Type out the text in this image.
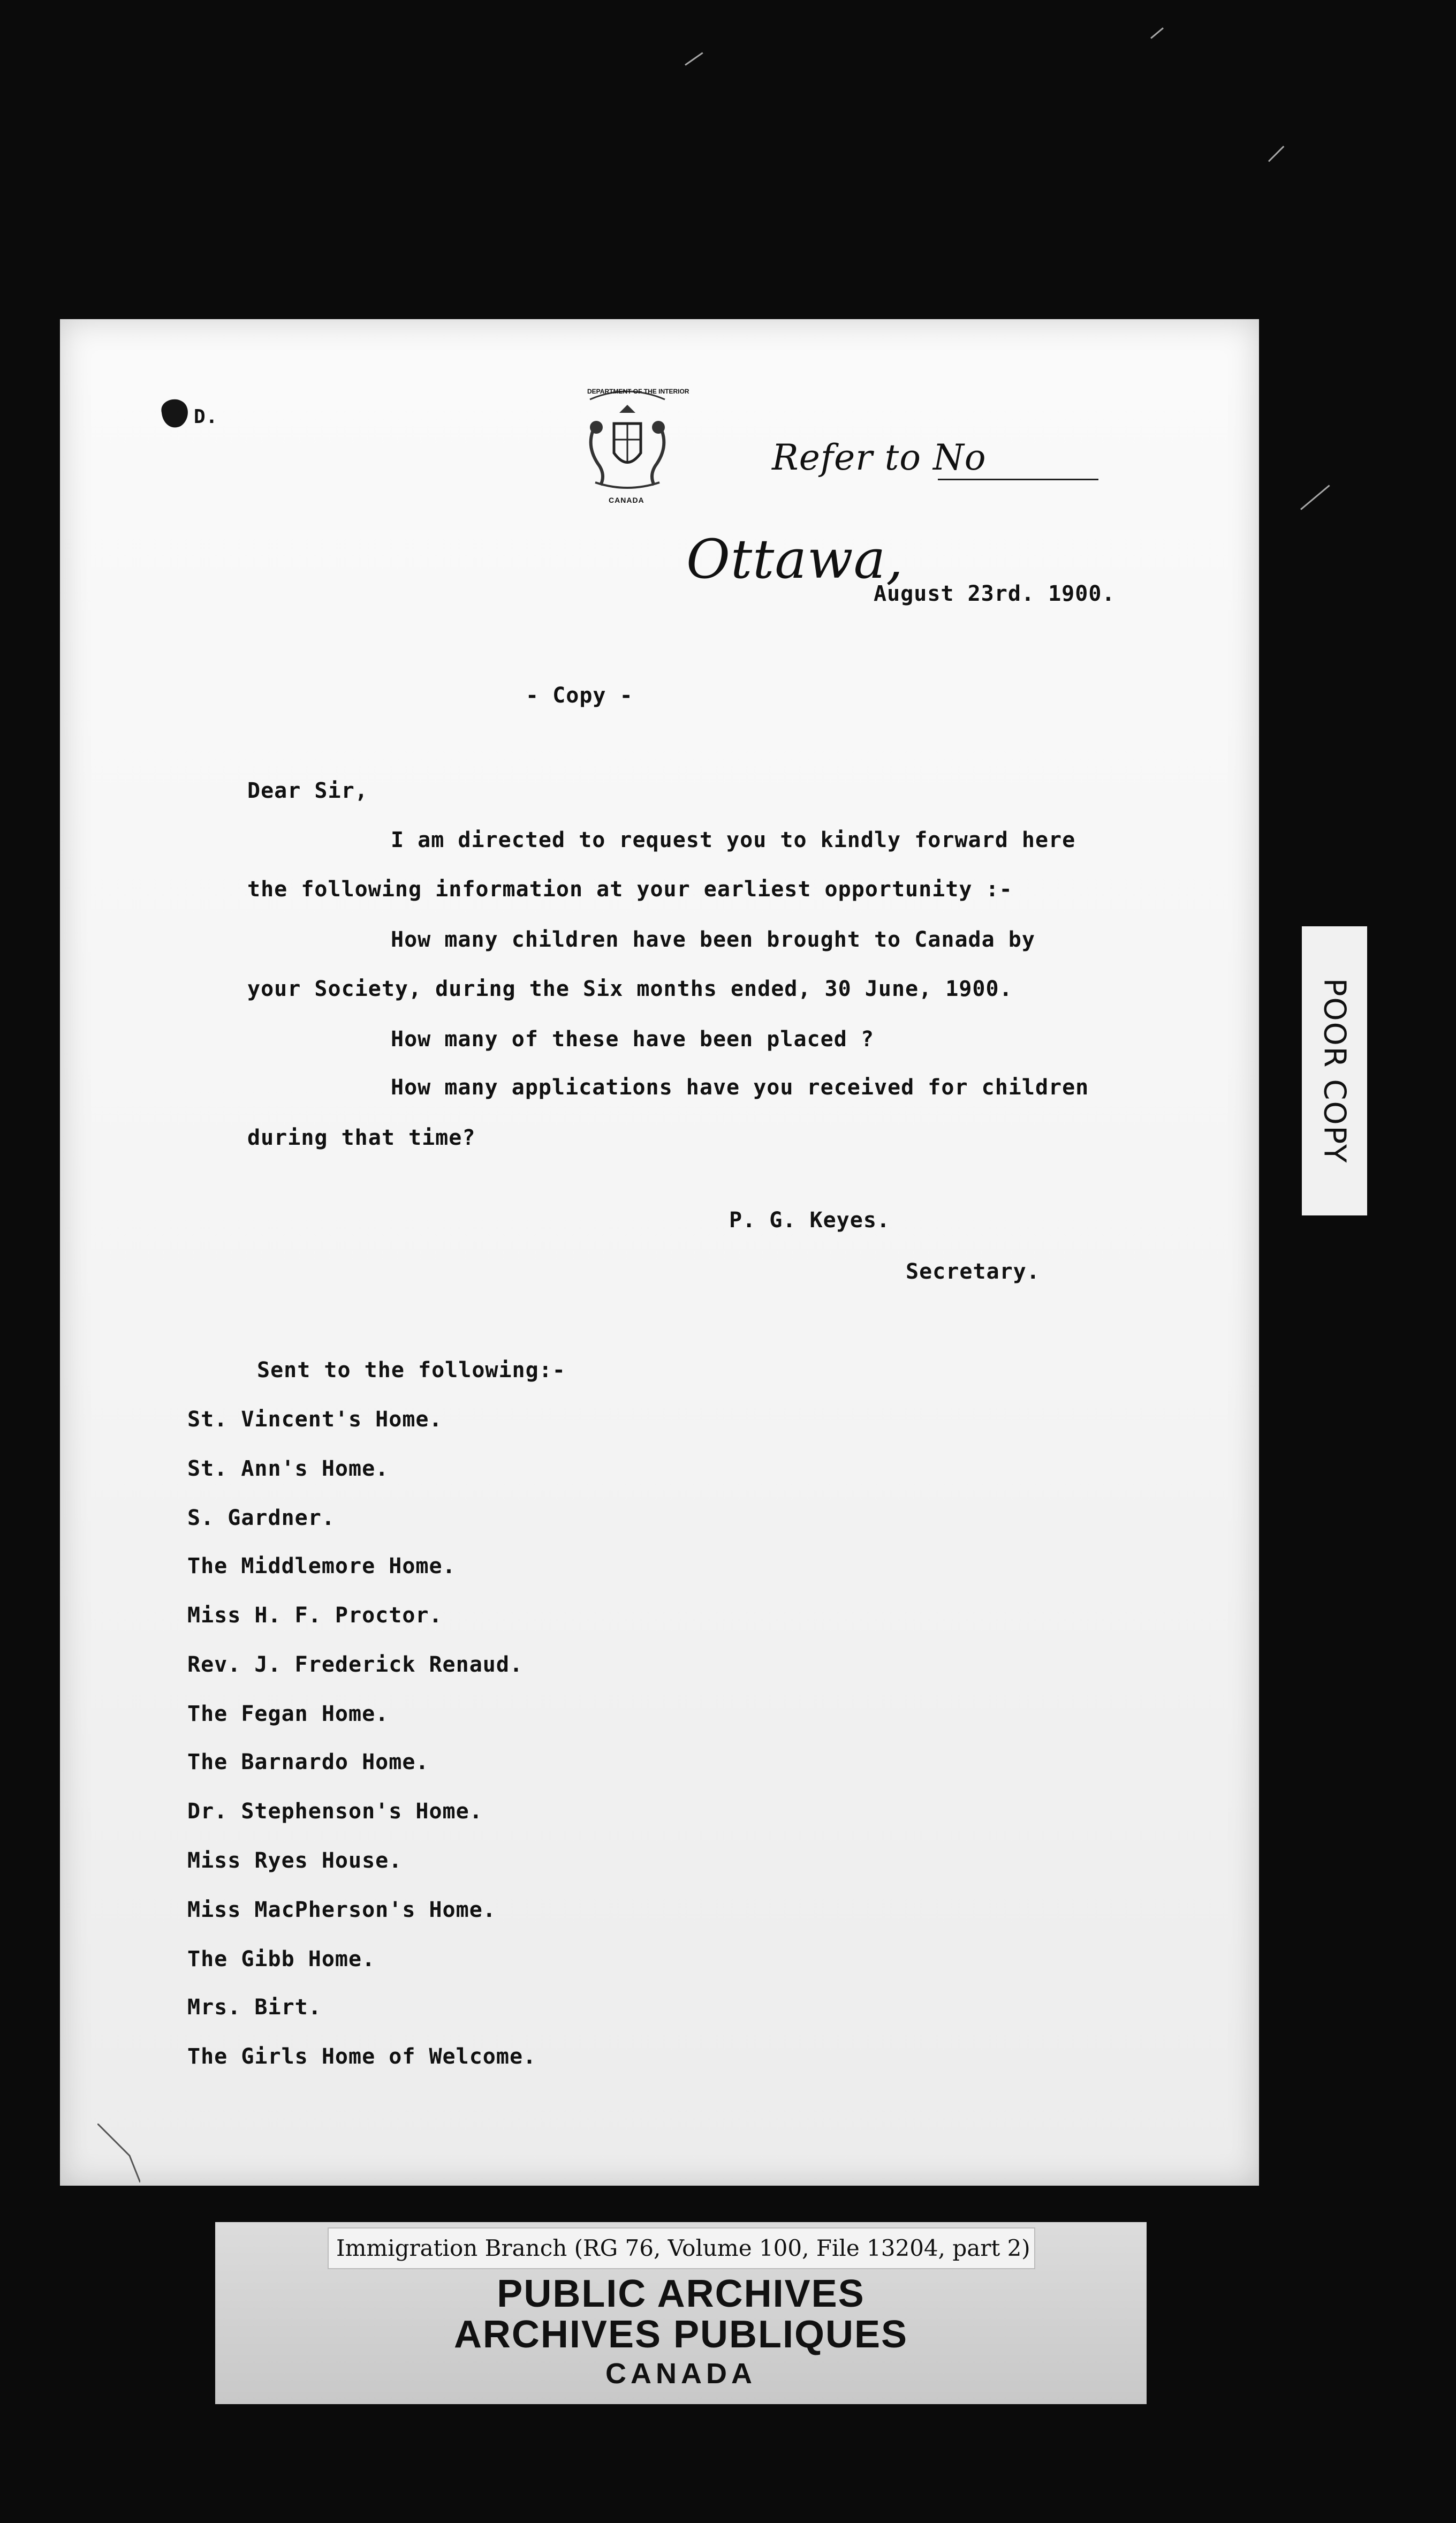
D.
DEPARTMENT OF THE INTERIOR
CANADA
Refer to No
Ottawa,
August 23rd. 1900.
- Copy -
Dear Sir,
I am directed to request you to kindly forward here
the following information at your earliest opportunity :-
How many children have been brought to Canada by
your Society, during the Six months ended, 30 June, 1900.
How many of these have been placed ?
How many applications have you received for children
during that time?
P. G. Keyes.
Secretary.
Sent to the following:-
St. Vincent's Home.
St. Ann's Home.
S. Gardner.
The Middlemore Home.
Miss H. F. Proctor.
Rev. J. Frederick Renaud.
The Fegan Home.
The Barnardo Home.
Dr. Stephenson's Home.
Miss Ryes House.
Miss MacPherson's Home.
The Gibb Home.
Mrs. Birt.
The Girls Home of Welcome.
POOR COPY
Immigration Branch (RG 76, Volume 100, File 13204, part 2)
PUBLIC ARCHIVES
ARCHIVES PUBLIQUES
CANADA
